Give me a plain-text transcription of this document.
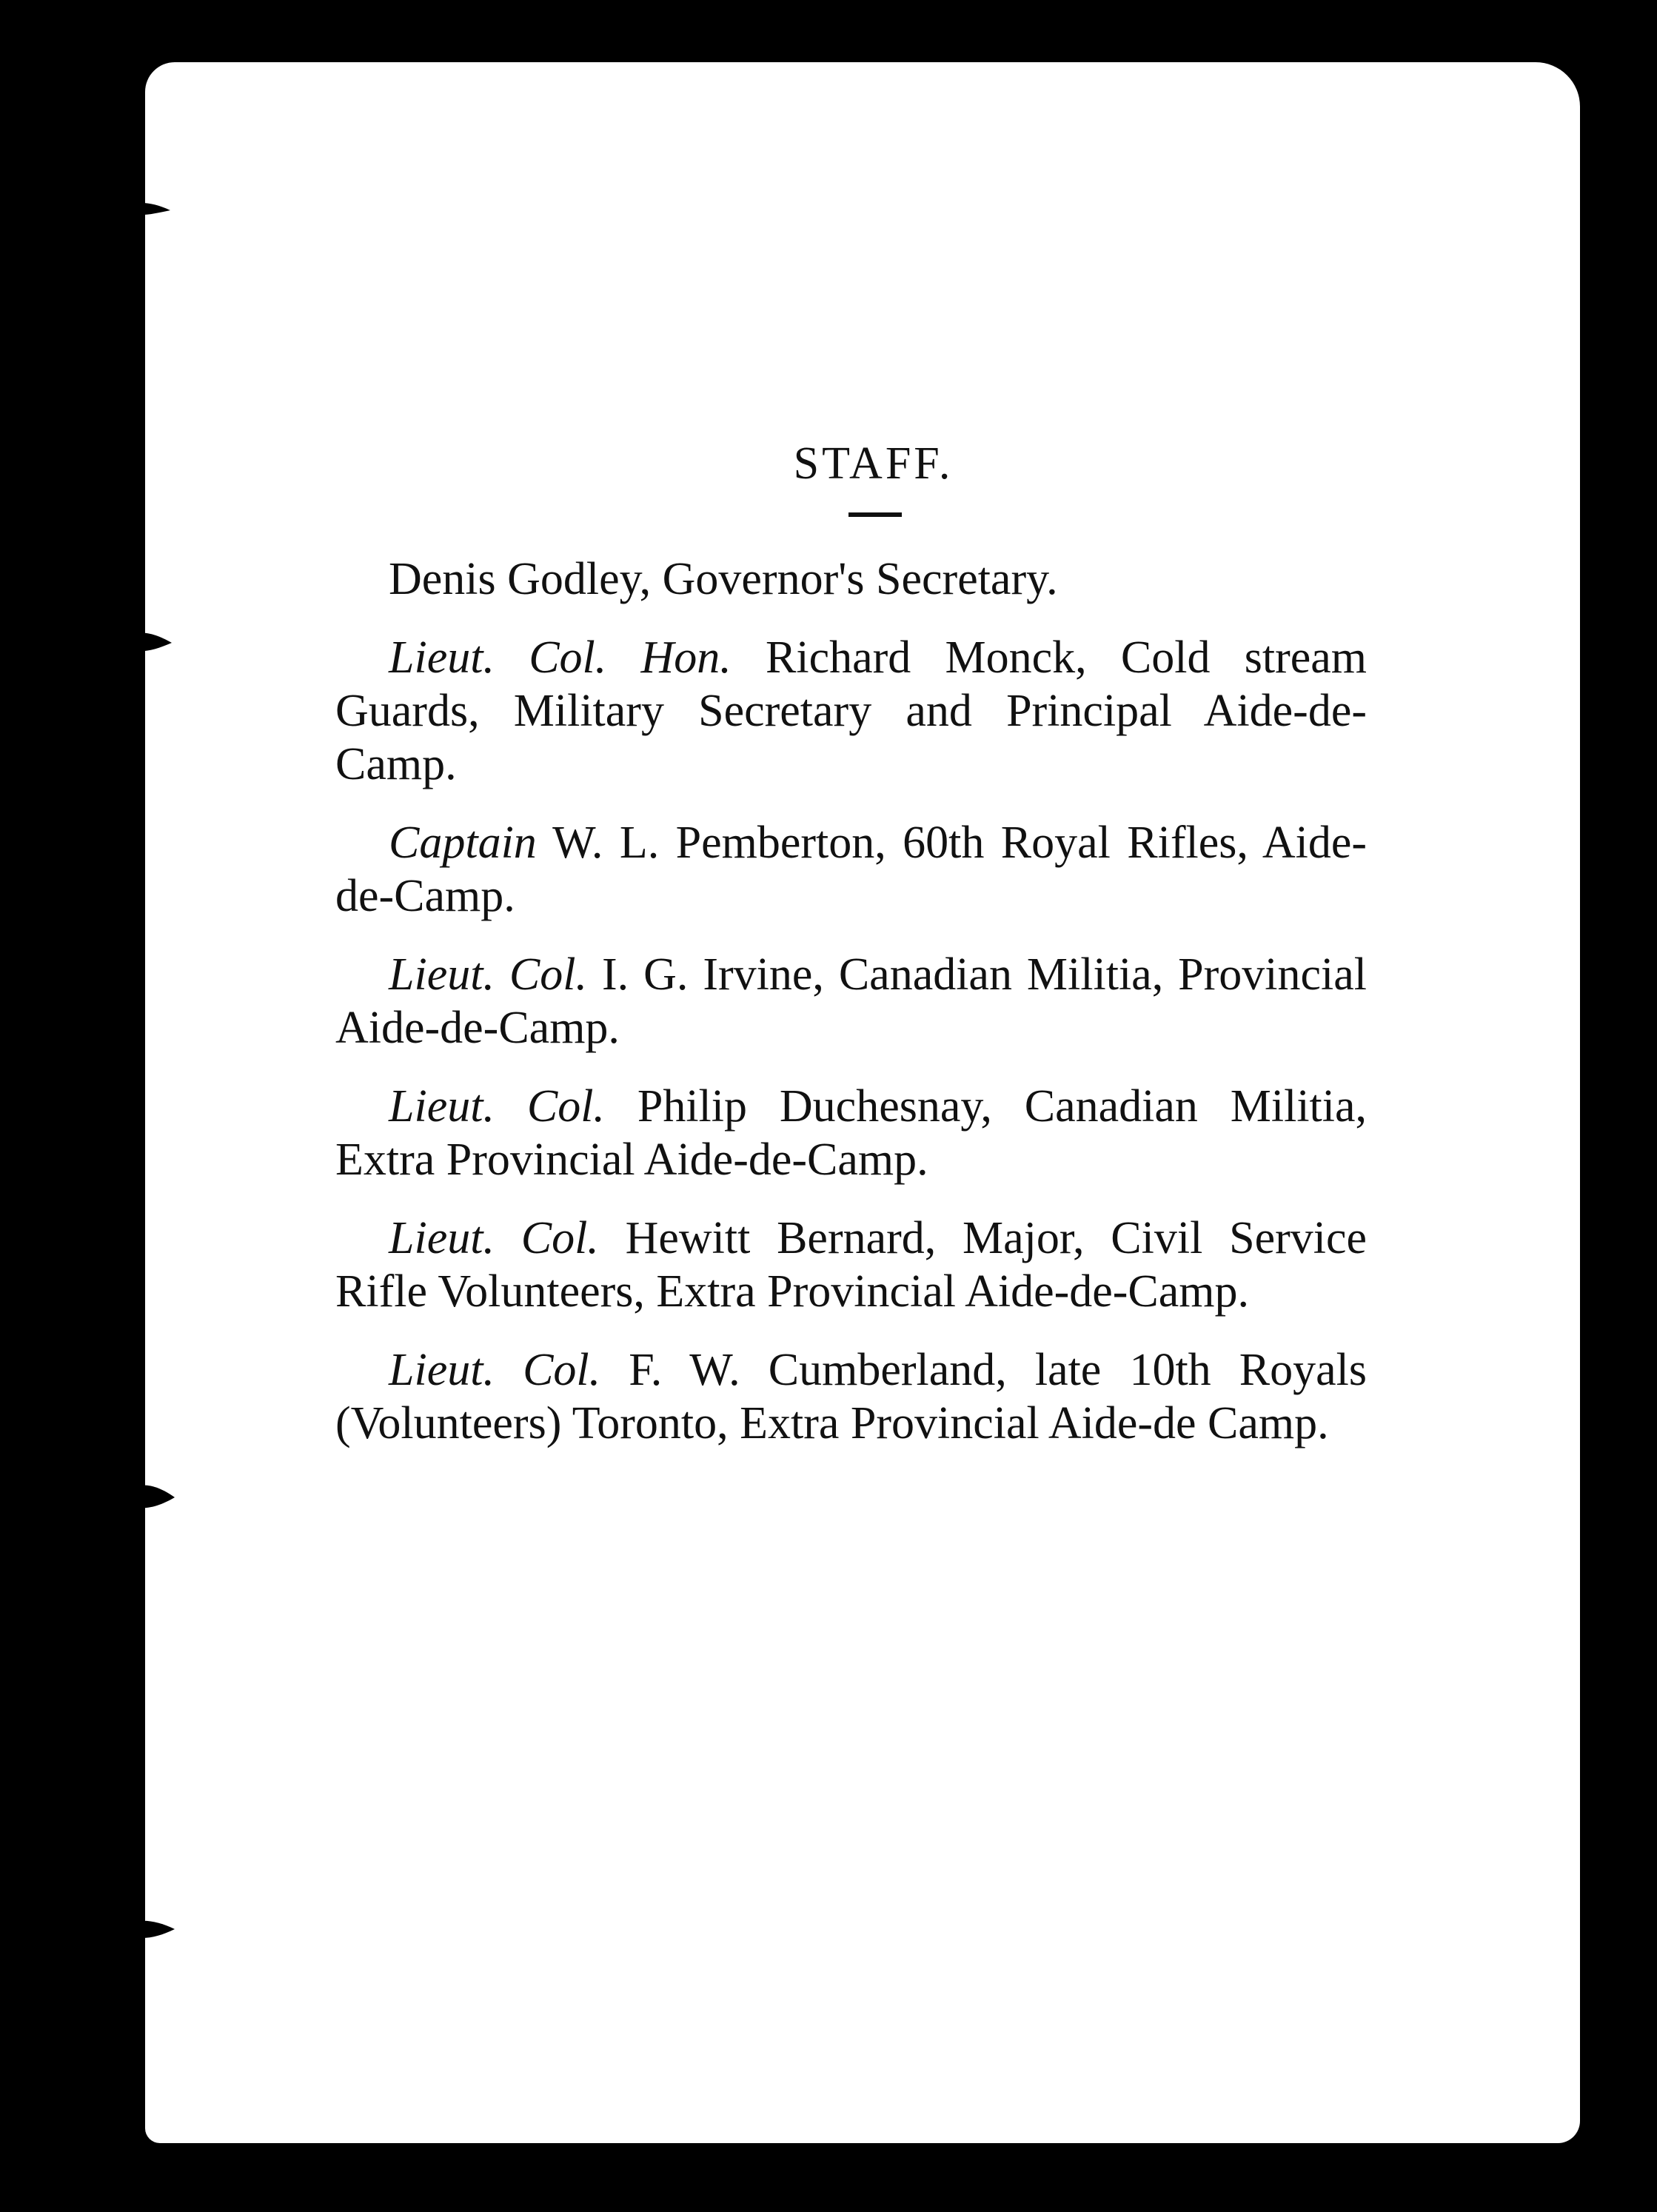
STAFF.

Denis Godley, Governor's Secretary.

Lieut. Col. Hon. Richard Monck, Cold stream Guards, Military Secretary and Principal Aide-de-Camp.

Captain W. L. Pemberton, 60th Royal Rifles, Aide-de-Camp.

Lieut. Col. I. G. Irvine, Canadian Militia, Provincial Aide-de-Camp.

Lieut. Col. Philip Duchesnay, Canadian Militia, Extra Provincial Aide-de-Camp.

Lieut. Col. Hewitt Bernard, Major, Civil Service Rifle Volunteers, Extra Provincial Aide-de-Camp.

Lieut. Col. F. W. Cumberland, late 10th Royals (Volunteers) Toronto, Extra Provincial Aide-de Camp.
